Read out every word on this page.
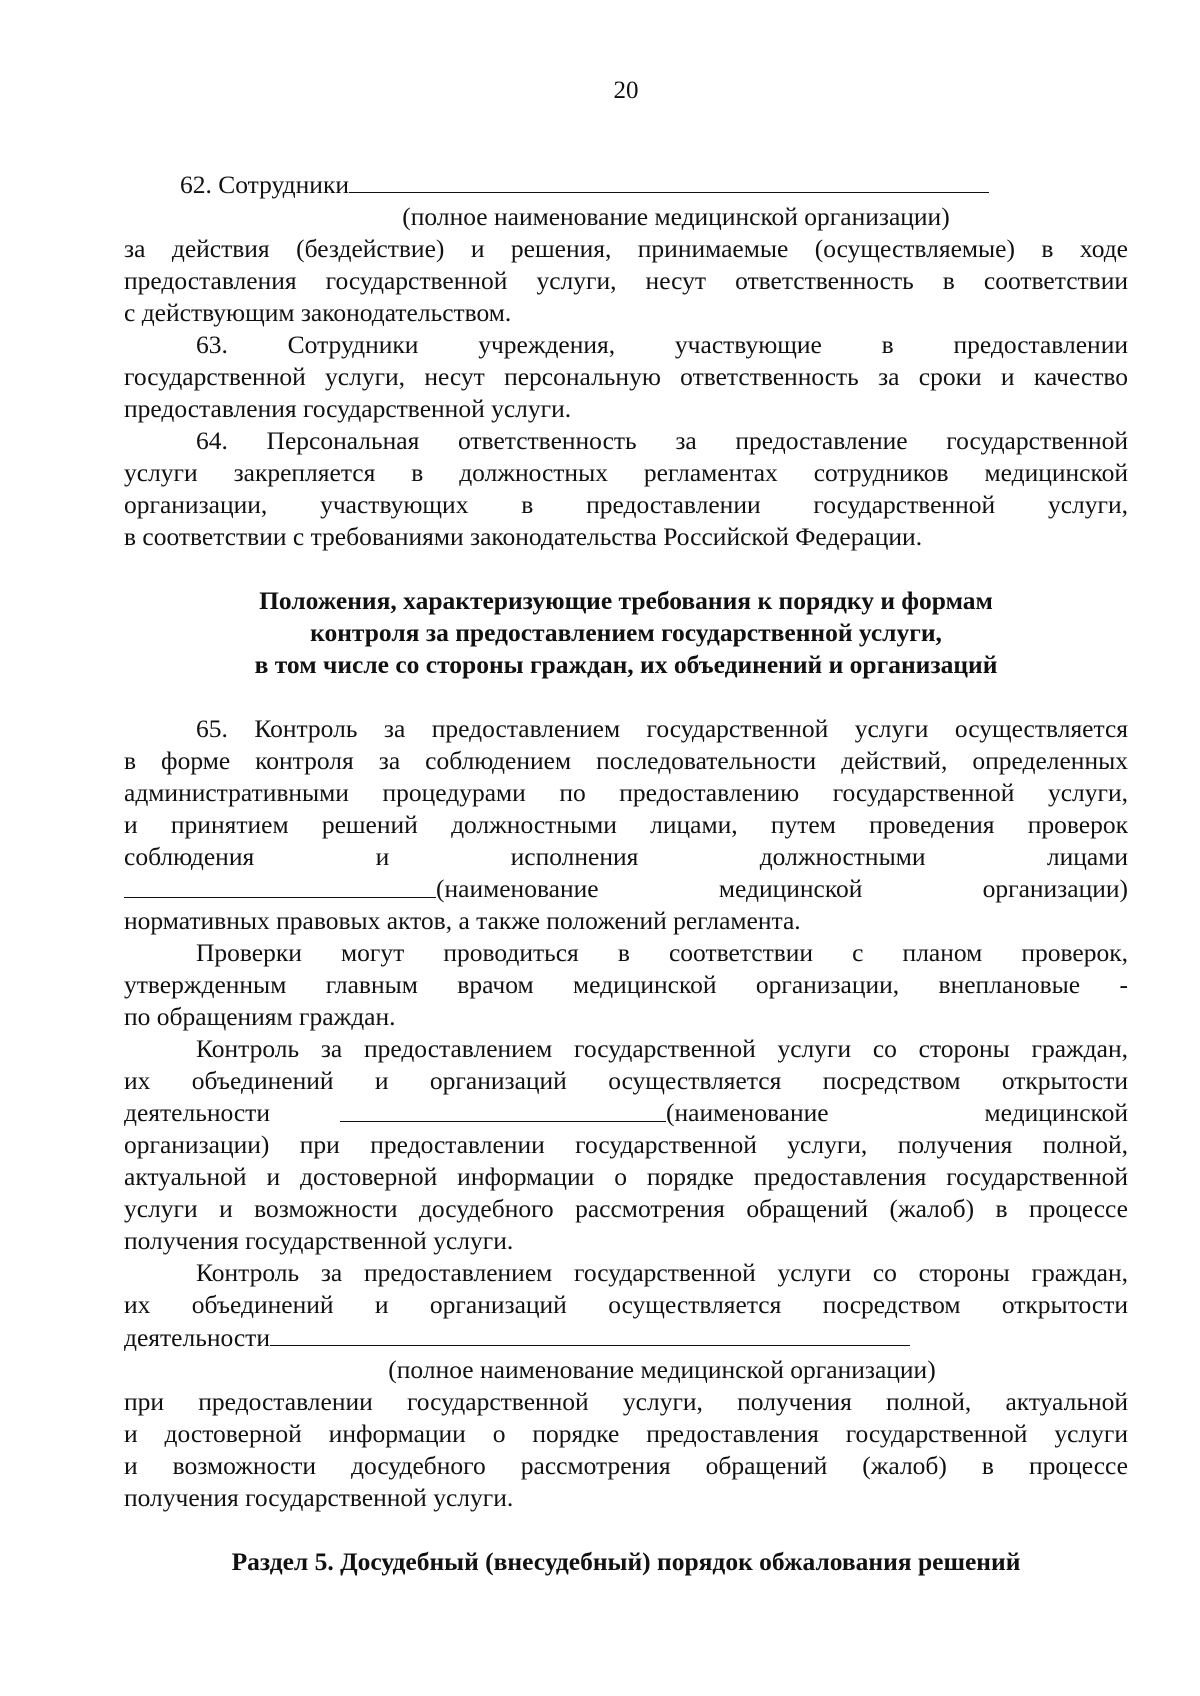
20

62. Сотрудники

(полное наименование медицинской организации)

за действия (бездействие) и решения, принимаемые (осуществляемые) в ходе

предоставления государственной услуги, несут ответственность в соответствии

с действующим законодательством.

63. Сотрудники учреждения, участвующие в предоставлении

государственной услуги, несут персональную ответственность за сроки и качество

предоставления государственной услуги.

64. Персональная ответственность за предоставление государственной

услуги закрепляется в должностных регламентах сотрудников медицинской

организации, участвующих в предоставлении государственной услуги,

в соответствии с требованиями законодательства Российской Федерации.

Положения, характеризующие требования к порядку и формам

контроля за предоставлением государственной услуги,

в том числе со стороны граждан, их объединений и организаций

65. Контроль за предоставлением государственной услуги осуществляется

в форме контроля за соблюдением последовательности действий, определенных

административными процедурами по предоставлению государственной услуги,

и принятием решений должностными лицами, путем проведения проверок

соблюдения и исполнения должностными лицами

(наименование медицинской организации)

нормативных правовых актов, а также положений регламента.

Проверки могут проводиться в соответствии с планом проверок,

утвержденным главным врачом медицинской организации, внеплановые -

по обращениям граждан.

Контроль за предоставлением государственной услуги со стороны граждан,

их объединений и организаций осуществляется посредством открытости

деятельности	(наименование медицинской

организации) при предоставлении государственной услуги, получения полной,

актуальной и достоверной информации о порядке предоставления государственной

услуги и возможности досудебного рассмотрения обращений (жалоб) в процессе

получения государственной услуги.

Контроль за предоставлением государственной услуги со стороны граждан,

их объединений и организаций осуществляется посредством открытости

деятельности

(полное наименование медицинской организации)

при предоставлении государственной услуги, получения полной, актуальной

и достоверной информации о порядке предоставления государственной услуги

и возможности досудебного рассмотрения обращений (жалоб) в процессе

получения государственной услуги.

Раздел 5. Досудебный (внесудебный) порядок обжалования решений
